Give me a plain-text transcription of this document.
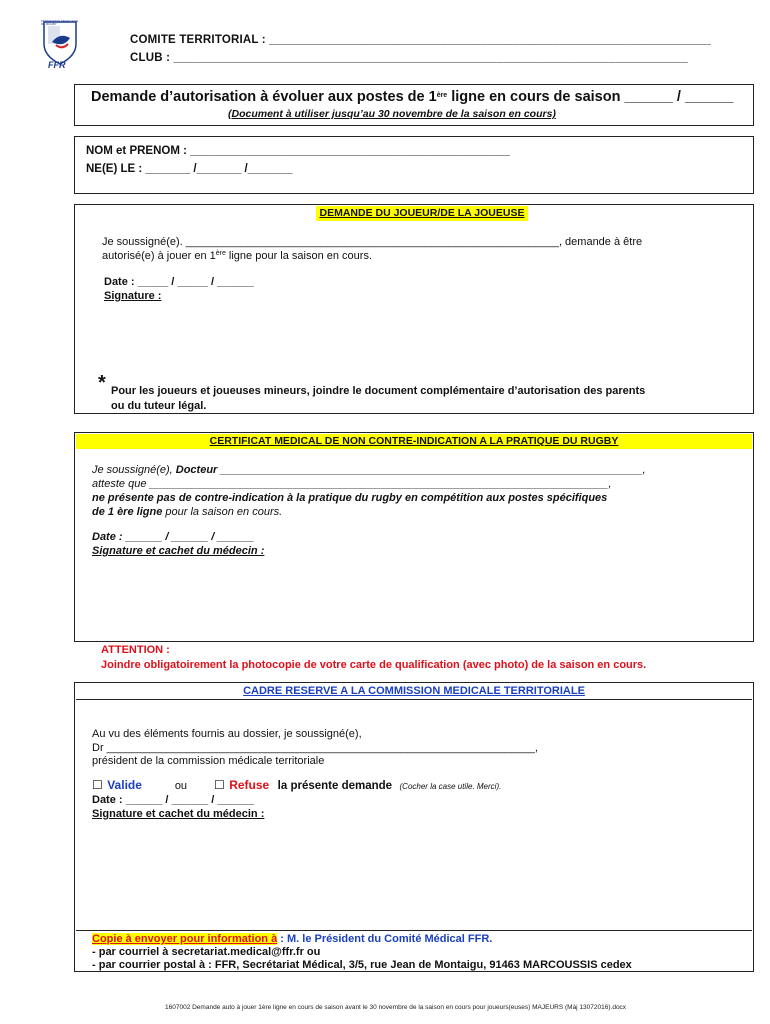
FÉDÉRATION FRANÇAISE DE RUGBY
FFR
COMITE TERRITORIAL : ___________________________________________________________________
CLUB : ______________________________________________________________________________
Demande d’autorisation à évoluer aux postes de 1ère ligne en cours de saison ______ / ______
(Document à utiliser jusqu’au 30 novembre de la saison en cours)
NOM et PRENOM : __________________________________________________
NE(E) LE : _______ /_______ /_______
DEMANDE DU JOUEUR/DE LA JOUEUSE
Je soussigné(e). _____________________________________________________________, demande à être
autorisé(e) à jouer en 1ère ligne pour la saison en cours.
Date : _____ / _____ / ______
Signature :
* Pour les joueurs et joueuses mineurs, joindre le document complémentaire d’autorisation des parents
ou du tuteur légal.
CERTIFICAT MEDICAL DE NON CONTRE-INDICATION A LA PRATIQUE DU RUGBY
Je soussigné(e), Docteur _____________________________________________________________________,
atteste que ___________________________________________________________________________,
ne présente pas de contre-indication à la pratique du rugby en compétition aux postes spécifiques
de 1 ère ligne pour la saison en cours.
Date : ______ / ______ / ______
Signature et cachet du médecin :
ATTENTION :
Joindre obligatoirement la photocopie de votre carte de qualification (avec photo) de la saison en cours.
CADRE RESERVE A LA COMMISSION MEDICALE TERRITORIALE
Au vu des éléments fournis au dossier, je soussigné(e),
Dr ______________________________________________________________________,
président de la commission médicale territoriale
☐ Valide	ou ☐ Refuse la présente demande (Cocher la case utile. Merci).
Date : ______ / ______ / ______
Signature et cachet du médecin :
Copie à envoyer pour information à : M. le Président du Comité Médical FFR.
- par courriel à secretariat.medical@ffr.fr ou
- par courrier postal à : FFR, Secrétariat Médical, 3/5, rue Jean de Montaigu, 91463 MARCOUSSIS cedex
1607002 Demande auto à jouer 1ère ligne en cours de saison avant le 30 novembre de la saison en cours pour joueurs(euses) MAJEURS (Màj 13072016).docx
